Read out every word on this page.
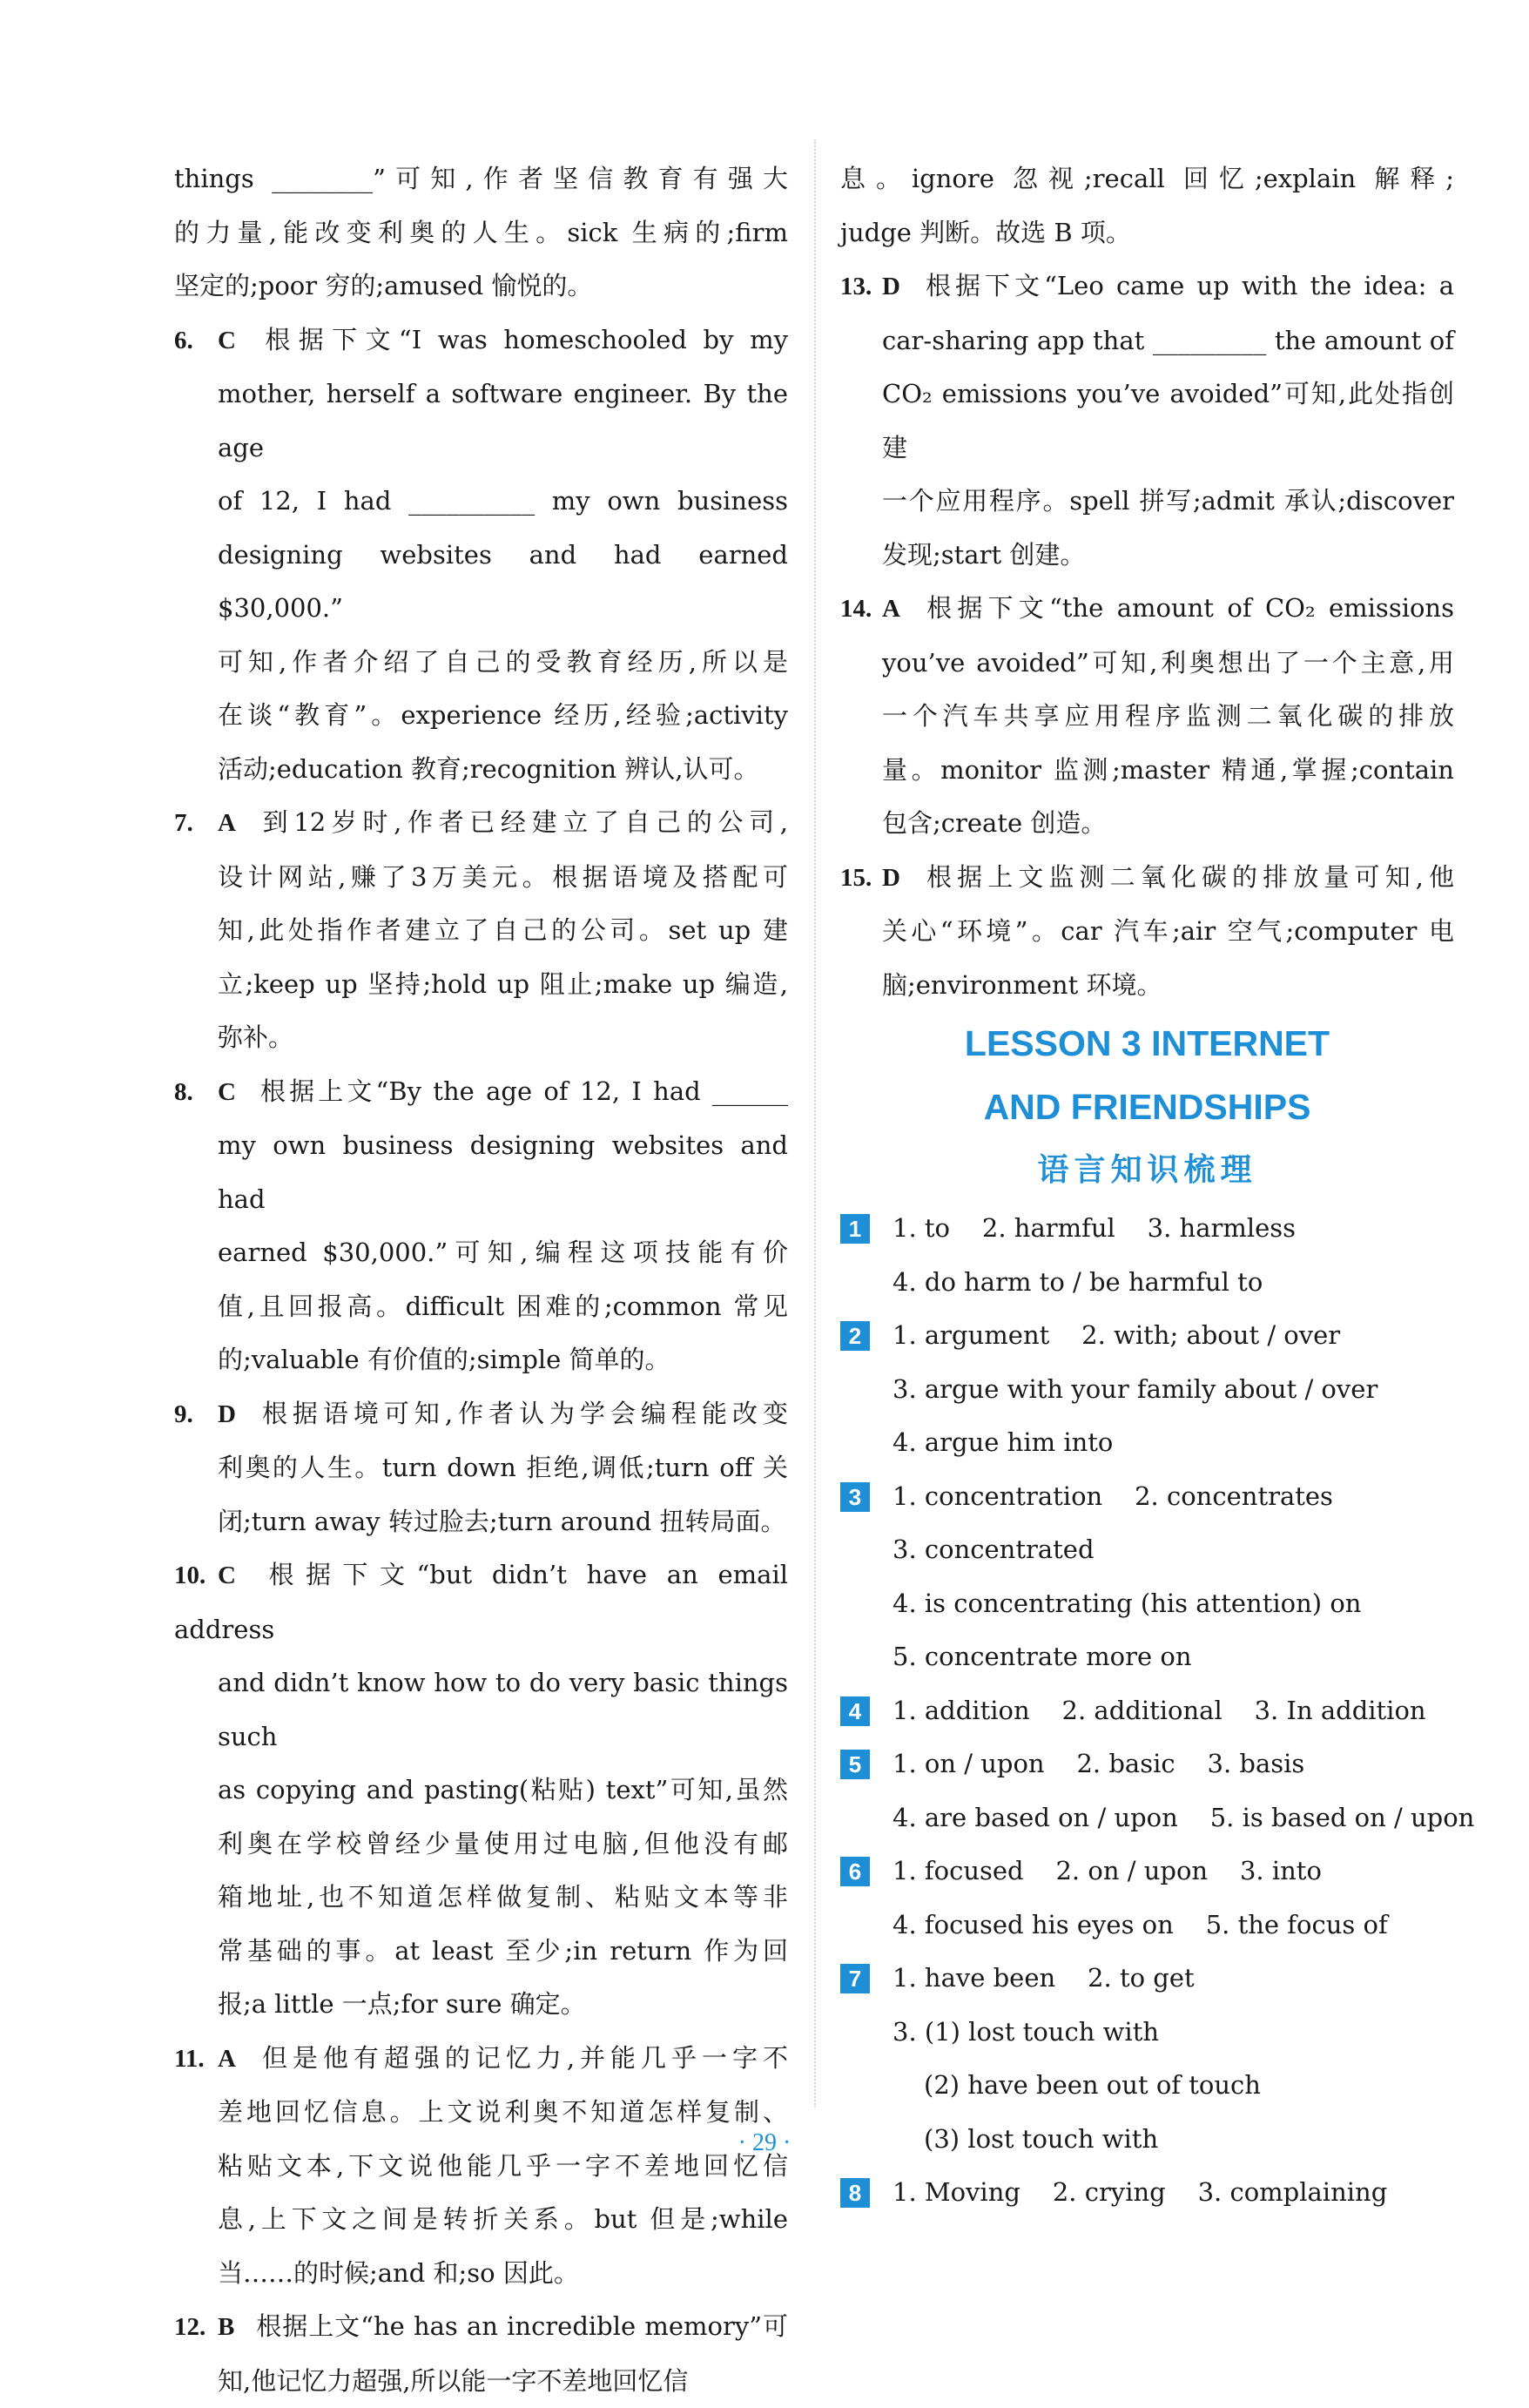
things ________”可知,作者坚信教育有强大
的力量,能改变利奥的人生。sick 生病的;firm
坚定的;poor 穷的;amused 愉悦的。
6. C 根据下文“I was homeschooled by my
mother, herself a software engineer. By the age
of 12, I had __________ my own business
designing websites and had earned $30,000.”
可知,作者介绍了自己的受教育经历,所以是
在谈“教育”。experience 经历,经验;activity
活动;education 教育;recognition 辨认,认可。
7. A 到12岁时,作者已经建立了自己的公司,
设计网站,赚了3万美元。根据语境及搭配可
知,此处指作者建立了自己的公司。set up 建
立;keep up 坚持;hold up 阻止;make up 编造,
弥补。
8. C 根据上文“By the age of 12, I had ______
my own business designing websites and had
earned $30,000.”可知,编程这项技能有价
值,且回报高。difficult 困难的;common 常见
的;valuable 有价值的;simple 简单的。
9. D 根据语境可知,作者认为学会编程能改变
利奥的人生。turn down 拒绝,调低;turn off 关
闭;turn away 转过脸去;turn around 扭转局面。
10. C 根据下文“but didn’t have an email address
and didn’t know how to do very basic things such
as copying and pasting(粘贴) text”可知,虽然
利奥在学校曾经少量使用过电脑,但他没有邮
箱地址,也不知道怎样做复制、粘贴文本等非
常基础的事。at least 至少;in return 作为回
报;a little 一点;for sure 确定。
11. A 但是他有超强的记忆力,并能几乎一字不
差地回忆信息。上文说利奥不知道怎样复制、
粘贴文本,下文说他能几乎一字不差地回忆信
息,上下文之间是转折关系。but 但是;while
当……的时候;and 和;so 因此。
12. B 根据上文“he has an incredible memory”可
知,他记忆力超强,所以能一字不差地回忆信
息。ignore 忽视;recall 回忆;explain 解释;
judge 判断。故选 B 项。
13. D 根据下文“Leo came up with the idea: a
car-sharing app that _________ the amount of
CO₂ emissions you’ve avoided”可知,此处指创建
一个应用程序。spell 拼写;admit 承认;discover
发现;start 创建。
14. A 根据下文“the amount of CO₂ emissions
you’ve avoided”可知,利奥想出了一个主意,用
一个汽车共享应用程序监测二氧化碳的排放
量。monitor 监测;master 精通,掌握;contain
包含;create 创造。
15. D 根据上文监测二氧化碳的排放量可知,他
关心“环境”。car 汽车;air 空气;computer 电
脑;environment 环境。
LESSON 3 INTERNET
AND FRIENDSHIPS
语言知识梳理
1	1. to    2. harmful    3. harmless
4. do harm to / be harmful to
2	1. argument    2. with; about / over
3. argue with your family about / over
4. argue him into
3	1. concentration    2. concentrates
3. concentrated
4. is concentrating (his attention) on
5. concentrate more on
4	1. addition    2. additional    3. In addition
5	1. on / upon    2. basic    3. basis
4. are based on / upon    5. is based on / upon
6	1. focused    2. on / upon    3. into
4. focused his eyes on    5. the focus of
7	1. have been    2. to get
3. (1) lost touch with
(2) have been out of touch
(3) lost touch with
8	1. Moving    2. crying    3. complaining
· 29 ·
